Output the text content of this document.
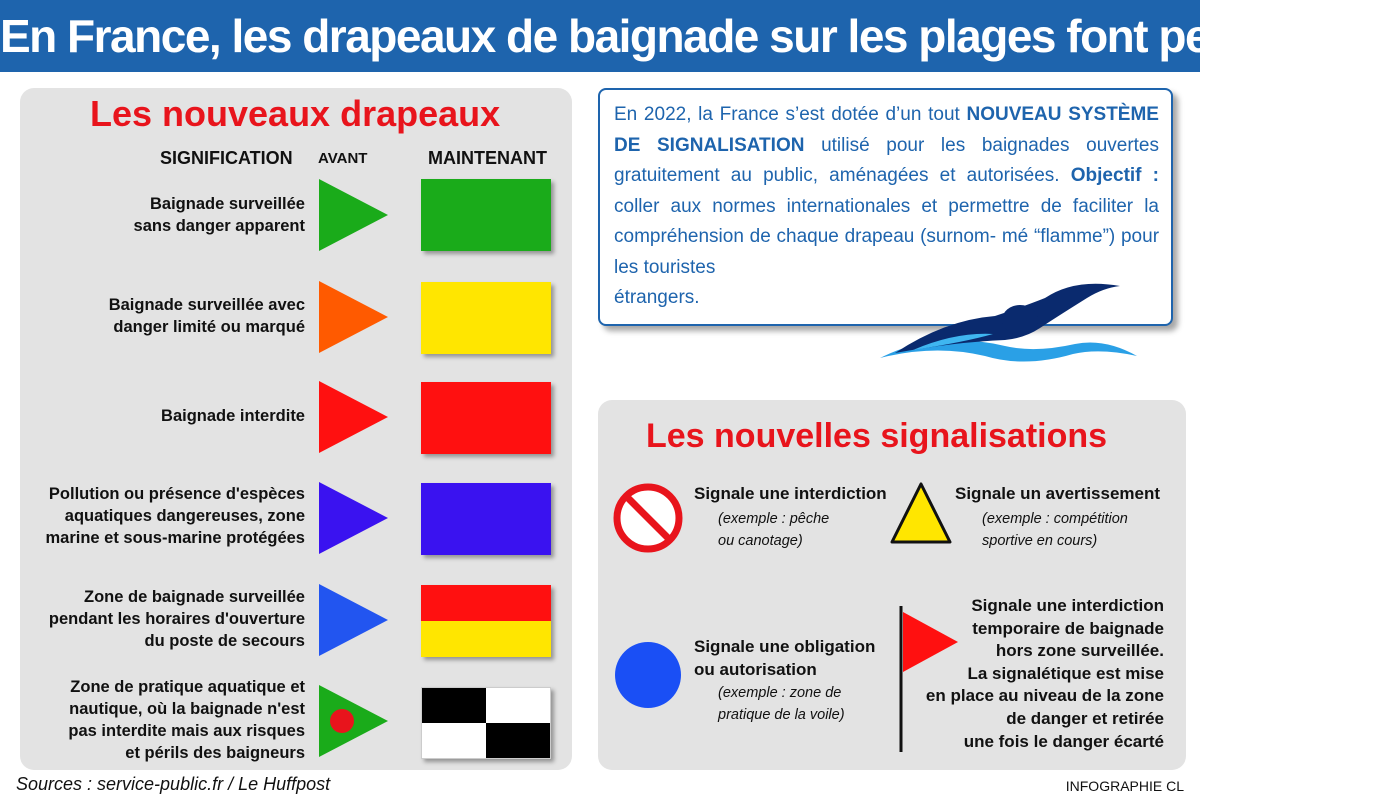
En France, les drapeaux de baignade sur les plages font peau neuve
Les nouveaux drapeaux
SIGNIFICATION AVANT	MAINTENANT
Baignade surveillée
sans danger apparent
Baignade surveillée avec
danger limité ou marqué
Baignade interdite
Pollution ou présence d'espèces
aquatiques dangereuses, zone
marine et sous-marine protégées
Zone de baignade surveillée
pendant les horaires d'ouverture
du poste de secours
Zone de pratique aquatique et
nautique, où la baignade n'est
pas interdite mais aux risques
et périls des baigneurs
En 2022, la France s’est dotée d’un tout NOUVEAU SYSTÈME DE SIGNALISATION utilisé pour les baignades ouvertes gratuitement au public, aménagées et autorisées. Objectif : coller aux normes internationales et permettre de faciliter la compréhension de chaque drapeau (surnom- mé “flamme”) pour les touristes
étrangers.
Les nouvelles signalisations
Signale une interdiction
(exemple : pêche
ou canotage)
Signale un avertissement
(exemple : compétition
sportive en cours)
Signale une obligation
ou autorisation
(exemple : zone de
pratique de la voile)
Signale une interdiction
temporaire de baignade
hors zone surveillée.
La signalétique est mise
en place au niveau de la zone
de danger et retirée
une fois le danger écarté
Sources : service-public.fr / Le Huffpost	INFOGRAPHIE CL
